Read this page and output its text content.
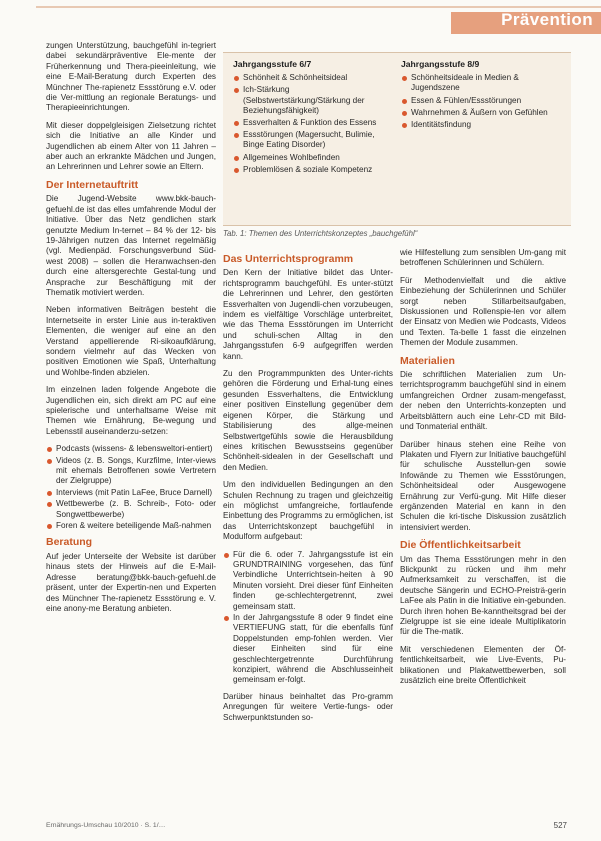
Prävention

zungen Unterstützung, bauchgefühl in-tegriert dabei sekundärpräventive Ele-mente der Früherkennung und Thera-pieeinleitung, wie eine E-Mail-Beratung durch Experten des Münchner The-rapienetz Essstörung e.V. oder die Ver-mittlung an regionale Beratungs- und Therapieeinrichtungen.

Mit dieser doppelgleisigen Zielsetzung richtet sich die Initiative an alle Kinder und Jugendlichen ab einem Alter von 11 Jahren – aber auch an erkrankte Mädchen und Jungen, an Lehrerinnen und Lehrer sowie an Eltern.

Der Internetauftritt

Die Jugend-Website www.bkk-bauch-gefuehl.de ist das elles umfahrende Modul der Initiative. Über das Netz gendlichen stark genutzte Medium In-ternet – 84 % der 12- bis 19-Jährigen nutzen das Internet regelmäßig (vgl. Medienpäd. Forschungsverbund Süd-west 2008) – sollen die Heranwachsen-den durch eine altersgerechte Gestal-tung und Ansprache zur Beschäftigung mit der Thematik motiviert werden.

Neben informativen Beiträgen besteht die Internetseite in erster Linie aus in-teraktiven Elementen, die weniger auf eine an den Verstand appellierende Ri-sikoaufklärung, sondern vielmehr auf das Wecken von positiven Emotionen wie Spaß, Unterhaltung und Wohlbe-finden abzielen.

Im einzelnen laden folgende Angebote die Jugendlichen ein, sich direkt am PC auf eine spielerische und unterhaltsame Weise mit Themen wie Ernährung, Be-wegung und Lebensstil auseinanderzu-setzen:

Podcasts (wissens- & lebensweltori-entiert)
Videos (z. B. Songs, Kurzfilme, Inter-views mit ehemals Betroffenen sowie Vertretern der Zielgruppe)
Interviews (mit Patin LaFee, Bruce Darnell)
Wettbewerbe (z. B. Schreib-, Foto- oder Songwettbewerbe)
Foren & weitere beteiligende Maß-nahmen
Beratung

Auf jeder Unterseite der Website ist darüber hinaus stets der Hinweis auf die E-Mail-Adresse beratung@bkk-bauch-gefuehl.de präsent, unter der Expertin-nen und Experten des Münchner The-rapienetz Essstörung e. V. eine anony-me Beratung anbieten.

Jahrgangsstufe 6/7
Schönheit & Schönheitsideal
Ich-Stärkung (Selbstwertstärkung/Stärkung der Beziehungsfähigkeit)
Essverhalten & Funktion des Essens
Essstörungen (Magersucht, Bulimie, Binge Eating Disorder)
Allgemeines Wohlbefinden
Problemlösen & soziale Kompetenz
Jahrgangsstufe 8/9
Schönheitsideale in Medien & Jugendszene
Essen & Fühlen/Essstörungen
Wahrnehmen & Äußern von Gefühlen
Identitätsfindung
Tab. 1: Themen des Unterrichtskonzeptes „bauchgefühl“
Das Unterrichtsprogramm

Den Kern der Initiative bildet das Unter-richtsprogramm bauchgefühl. Es unter-stützt die Lehrerinnen und Lehrer, den gestörten Essverhalten von Jugendli-chen vorzubeugen, indem es vielfältige Vorschläge unterbreitet, wie das Thema Essstörungen im Unterricht und schuli-schen Alltag in den Jahrgangsstufen 6-9 aufgegriffen werden kann.

Zu den Programmpunkten des Unter-richts gehören die Förderung und Erhal-tung eines gesunden Essverhaltens, die Entwicklung einer positiven Einstellung gegenüber dem eigenen Körper, die Stärkung und Stabilisierung des allge-meinen Selbstwertgefühls sowie die Herausbildung eines kritischen Bewusstseins gegenüber Schönheit-sidealen in der Gesellschaft und den Medien.

Um den individuellen Bedingungen an den Schulen Rechnung zu tragen und gleichzeitig ein möglichst umfangreiche, fortlaufende Einbettung des Programms zu ermöglichen, ist das Unterrichtskonzept bauchgefühl in Modulform aufgebaut:

Für die 6. oder 7. Jahrgangsstufe ist ein GRUNDTRAINING vorgesehen, das fünf Verbindliche Unterrichtsein-heiten à 90 Minuten vorsieht. Drei dieser fünf Einheiten finden ge-schlechtergetrennt, zwei gemeinsam statt.
In der Jahrgangsstufe 8 oder 9 findet eine VERTIEFUNG statt, für die ebenfalls fünf Doppelstunden emp-fohlen werden. Vier dieser Einheiten sind für eine geschlechtergetrennte Durchführung konzipiert, während die Abschlusseinheit gemeinsam er-folgt.

Darüber hinaus beinhaltet das Pro-gramm Anregungen für weitere Vertie-fungs- oder Schwerpunktstunden so-

wie Hilfestellung zum sensiblen Um-gang mit betroffenen Schülerinnen und Schülern.

Für Methodenvielfalt und die aktive Einbeziehung der Schülerinnen und Schüler sorgt neben Stillarbeitsaufgaben, Diskussionen und Rollenspie-len vor allem der Einsatz von Medien wie Podcasts, Videos und Texten. Ta-belle 1 fasst die einzelnen Themen der Module zusammen.

Materialien

Die schriftlichen Materialien zum Un-terrichtsprogramm bauchgefühl sind in einem umfangreichen Ordner zusam-mengefasst, der neben den Unterrichts-konzepten und Arbeitsblättern auch eine Lehr-CD mit Bild- und Tonmaterial enthält.

Darüber hinaus stehen eine Reihe von Plakaten und Flyern zur Initiative bauchgefühl für schulische Ausstellun-gen sowie Infowände zu Themen wie Essstörungen, Schönheitsideal oder Ausgewogene Ernährung zur Verfü-gung. Mit Hilfe dieser ergänzenden Material en kann in den Schulen die kri-tische Diskussion zusätzlich intensiviert werden.

Die Öffentlichkeitsarbeit

Um das Thema Essstörungen mehr in den Blickpunkt zu rücken und ihm mehr Aufmerksamkeit zu verschaffen, ist die deutsche Sängerin und ECHO-Preisträ-gerin LaFee als Patin in die Initiative ein-gebunden. Durch ihren hohen Be-kanntheitsgrad bei der Zielgruppe ist sie eine ideale Multiplikatorin für die The-matik.

Mit verschiedenen Elementen der Öf-fentlichkeitsarbeit, wie Live-Events, Pu-blikationen und Plakatwettbewerben, soll zusätzlich eine breite Öffentlichkeit

Ernährungs-Umschau 10/2010 · S. 1/…	527
